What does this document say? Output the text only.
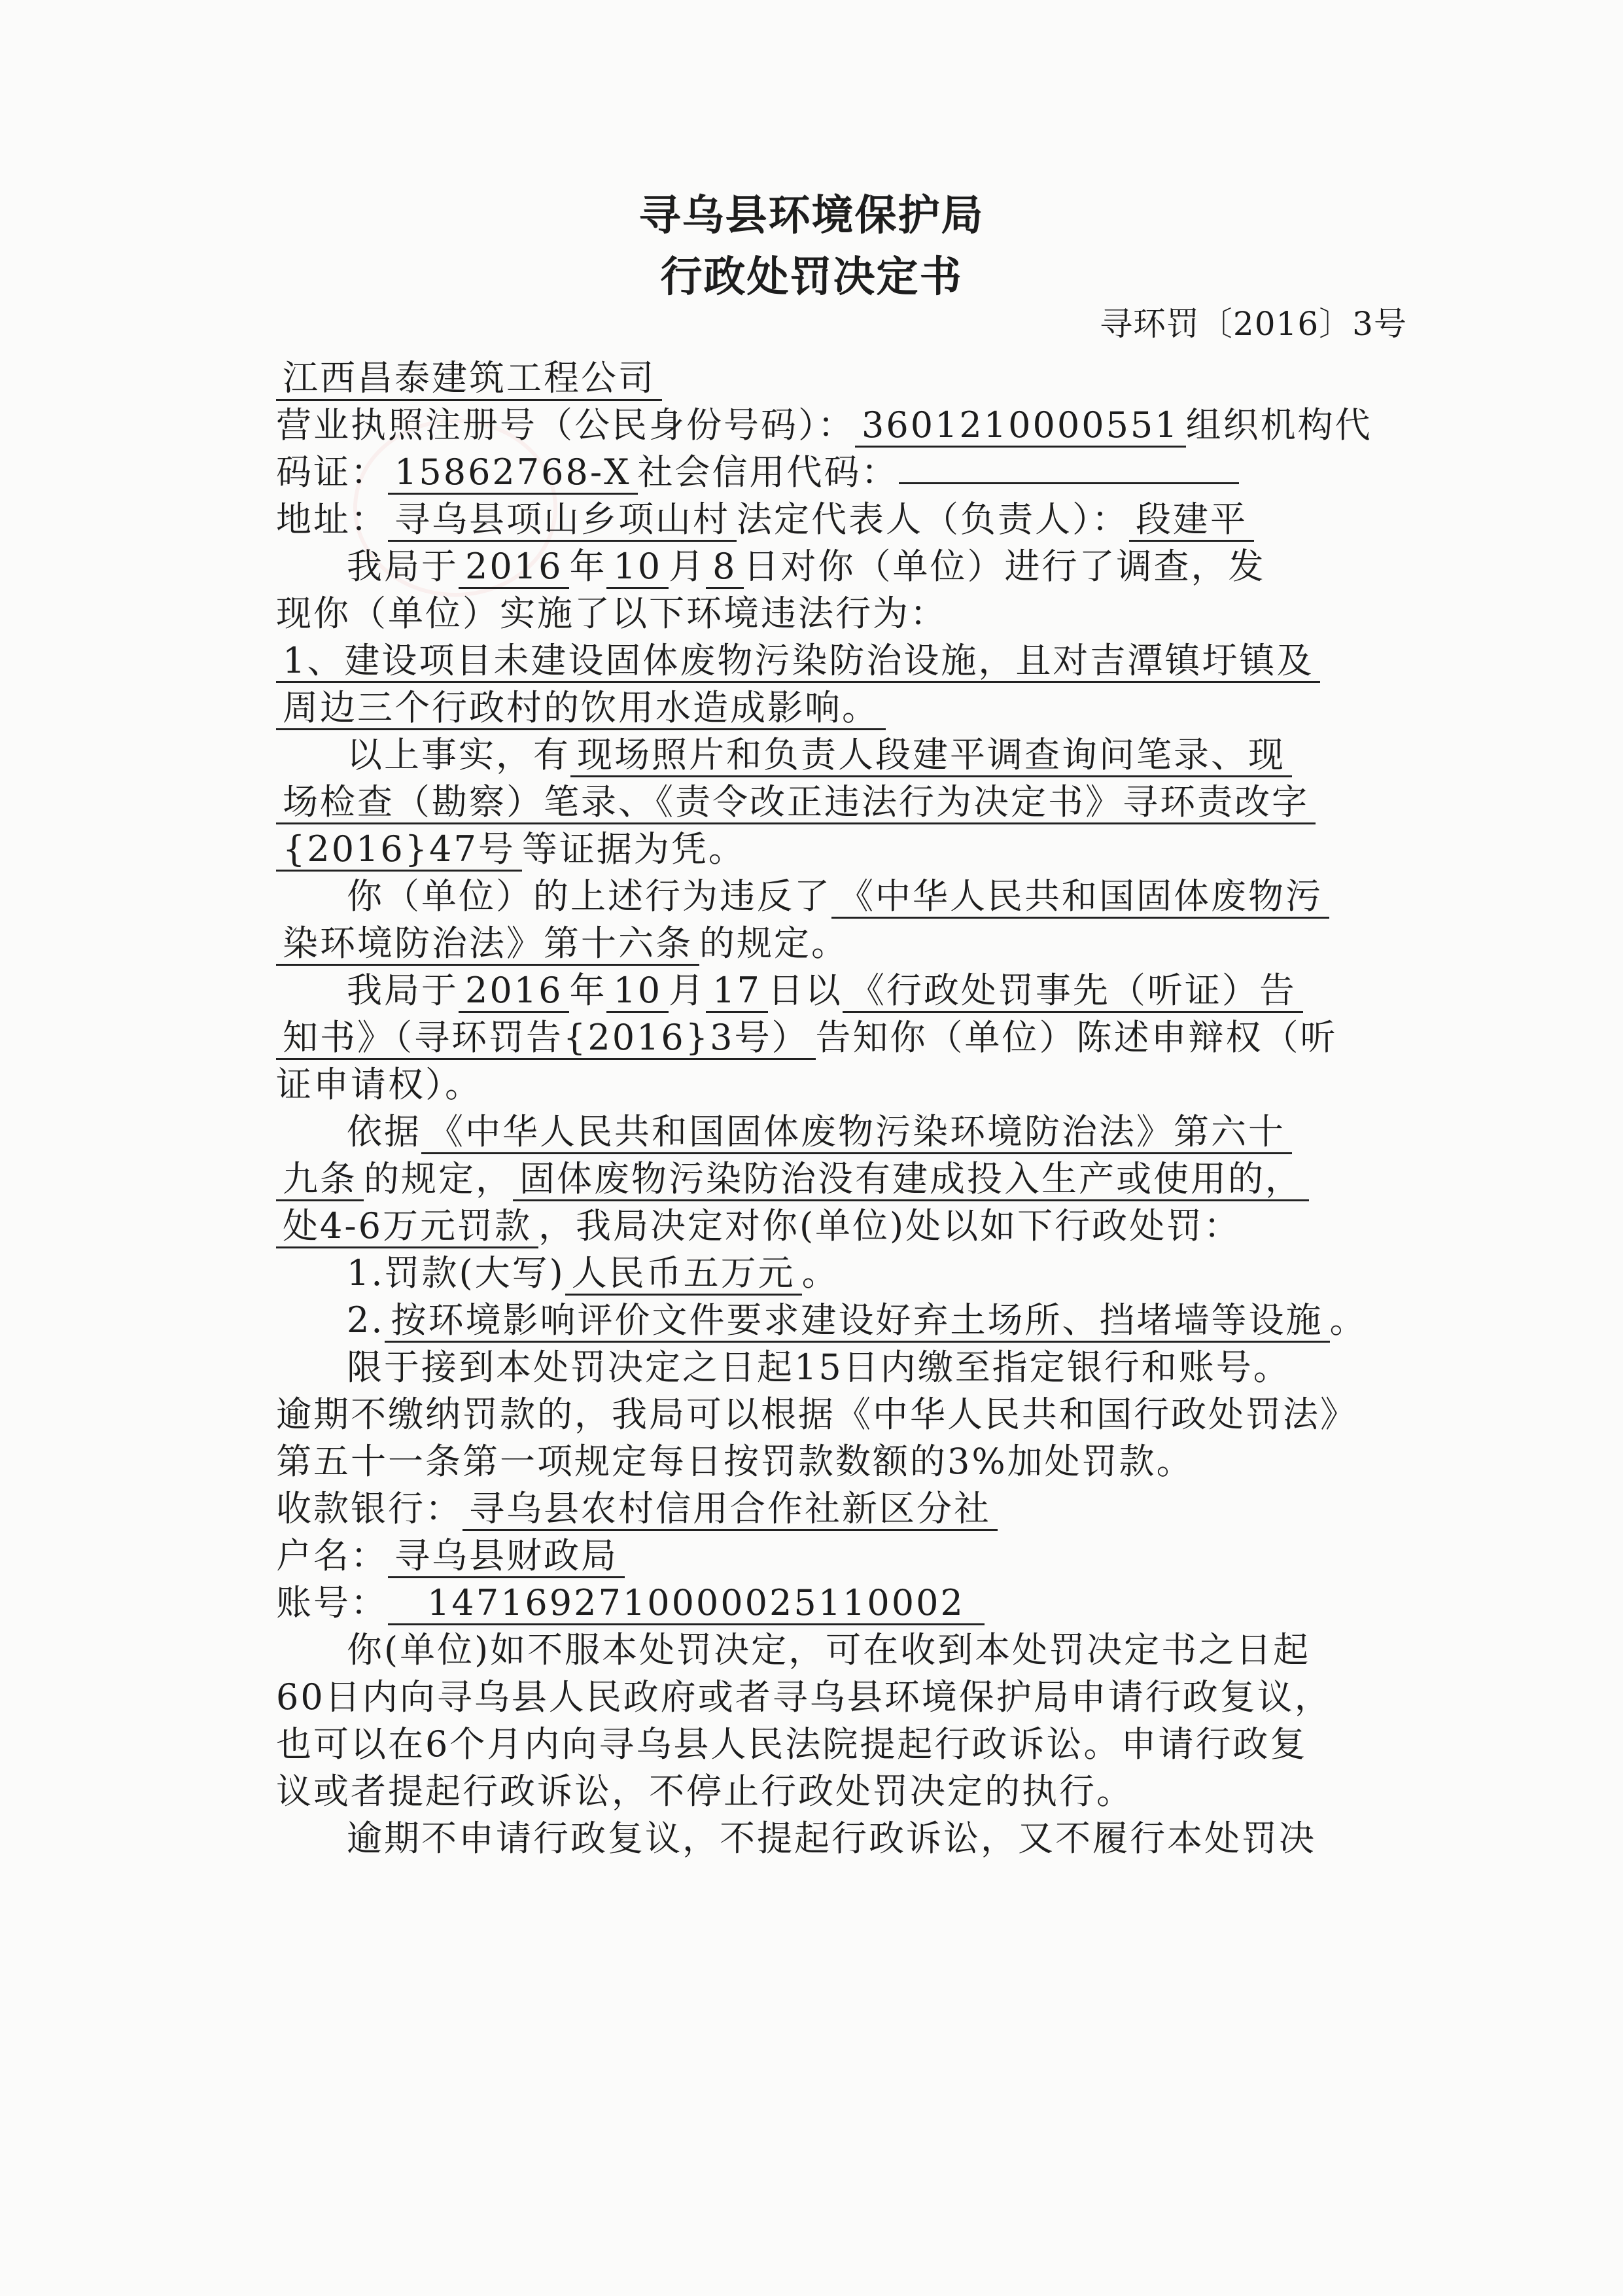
寻乌县环境保护局
行政处罚决定书
寻环罚〔2016〕3号
江西昌泰建筑工程公司
营业执照注册号（公民身份号码）： 3601210000551 组织机构代
码证： 15862768-X 社会信用代码：
地址： 寻乌县项山乡项山村 法定代表人（负责人）： 段建平
我局于 2016 年 10 月 8 日对你（单位）进行了调查，发
现你（单位）实施了以下环境违法行为：
1、建设项目未建设固体废物污染防治设施，且对吉潭镇圩镇及
周边三个行政村的饮用水造成影响。
以上事实，有 现场照片和负责人段建平调查询问笔录、现
场检查（勘察）笔录、《责令改正违法行为决定书》寻环责改字
{2016}47号 等证据为凭。
你（单位）的上述行为违反了 《中华人民共和国固体废物污
染环境防治法》第十六条 的规定。
我局于 2016 年 10 月 17 日以 《行政处罚事先（听证）告
知书》（寻环罚告{2016}3号） 告知你（单位）陈述申辩权（听
证申请权）。
依据 《中华人民共和国固体废物污染环境防治法》第六十
九条 的规定， 固体废物污染防治没有建成投入生产或使用的，
处4-6万元罚款 ，我局决定对你(单位)处以如下行政处罚：
1.罚款(大写) 人民币五万元 。
2. 按环境影响评价文件要求建设好弃土场所、挡堵墙等设施 。
限于接到本处罚决定之日起15日内缴至指定银行和账号。
逾期不缴纳罚款的，我局可以根据《中华人民共和国行政处罚法》
第五十一条第一项规定每日按罚款数额的3%加处罚款。
收款银行： 寻乌县农村信用合作社新区分社
户名： 寻乌县财政局
账号： 147169271000002511000​2
你(单位)如不服本处罚决定，可在收到本处罚决定书之日起
60日内向寻乌县人民政府或者寻乌县环境保护局申请行政复议，
也可以在6个月内向寻乌县人民法院提起行政诉讼。申请行政复
议或者提起行政诉讼，不停止行政处罚决定的执行。
逾期不申请行政复议，不提起行政诉讼，又不履行本处罚决
